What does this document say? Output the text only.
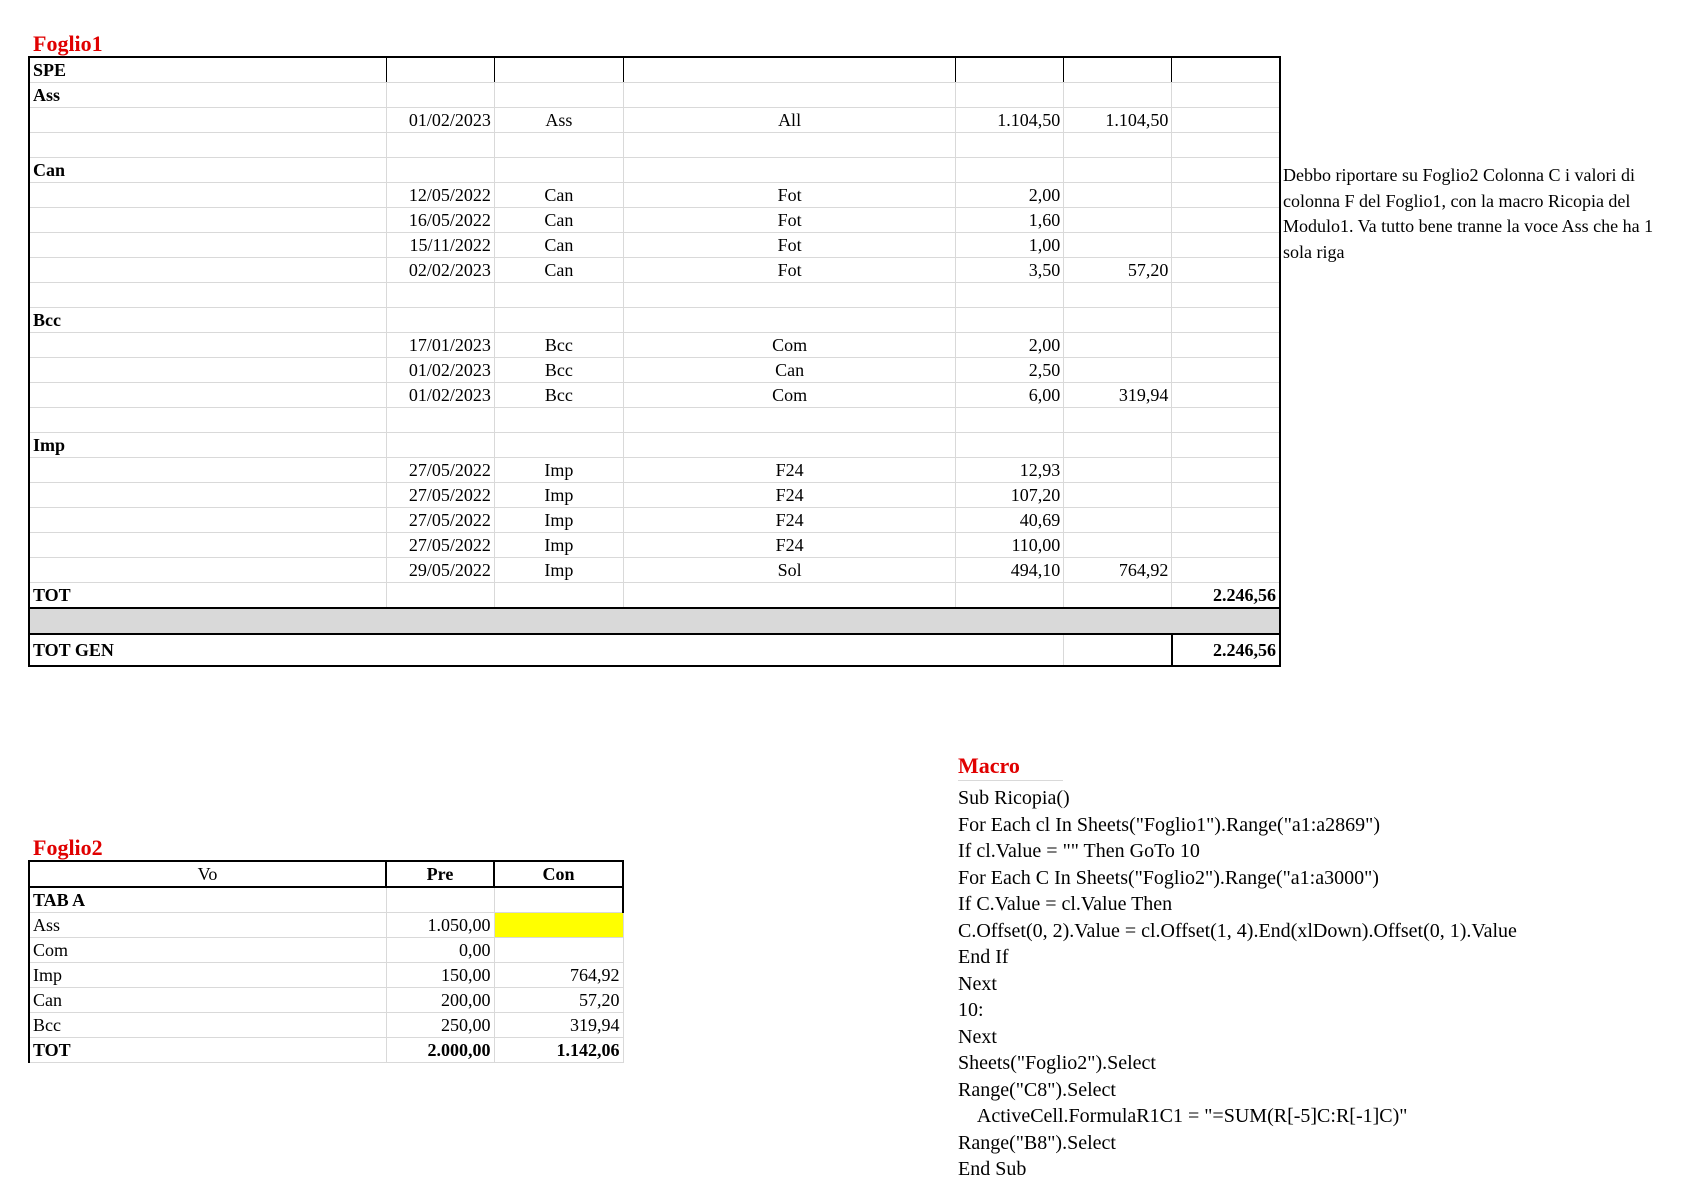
Foglio1
SPE						
Ass						
	01/02/2023	Ass	All	1.104,50	1.104,50	

Can						
	12/05/2022	Can	Fot	2,00		
	16/05/2022	Can	Fot	1,60		
	15/11/2022	Can	Fot	1,00		
	02/02/2023	Can	Fot	3,50	57,20	

Bcc						
	17/01/2023	Bcc	Com	2,00		
	01/02/2023	Bcc	Can	2,50		
	01/02/2023	Bcc	Com	6,00	319,94	

Imp						
	27/05/2022	Imp	F24	12,93		
	27/05/2022	Imp	F24	107,20		
	27/05/2022	Imp	F24	40,69		
	27/05/2022	Imp	F24	110,00		
	29/05/2022	Imp	Sol	494,10	764,92	
TOT						2.246,56

TOT GEN						2.246,56
Debbo riportare su Foglio2 Colonna C i valori di colonna F del Foglio1, con la macro Ricopia del Modulo1. Va tutto bene tranne la voce Ass che ha 1 sola riga
Foglio2
Vo	Pre	Con
TAB A		
Ass	1.050,00	
Com	0,00	
Imp	150,00	764,92
Can	200,00	57,20
Bcc	250,00	319,94
TOT	2.000,00	1.142,06
Macro
Sub Ricopia()
For Each cl In Sheets("Foglio1").Range("a1:a2869")
If cl.Value = "" Then GoTo 10
For Each C In Sheets("Foglio2").Range("a1:a3000")
If C.Value = cl.Value Then
C.Offset(0, 2).Value = cl.Offset(1, 4).End(xlDown).Offset(0, 1).Value
End If
Next
10:
Next
Sheets("Foglio2").Select
Range("C8").Select
ActiveCell.FormulaR1C1 = "=SUM(R[-5]C:R[-1]C)"
Range("B8").Select
End Sub
